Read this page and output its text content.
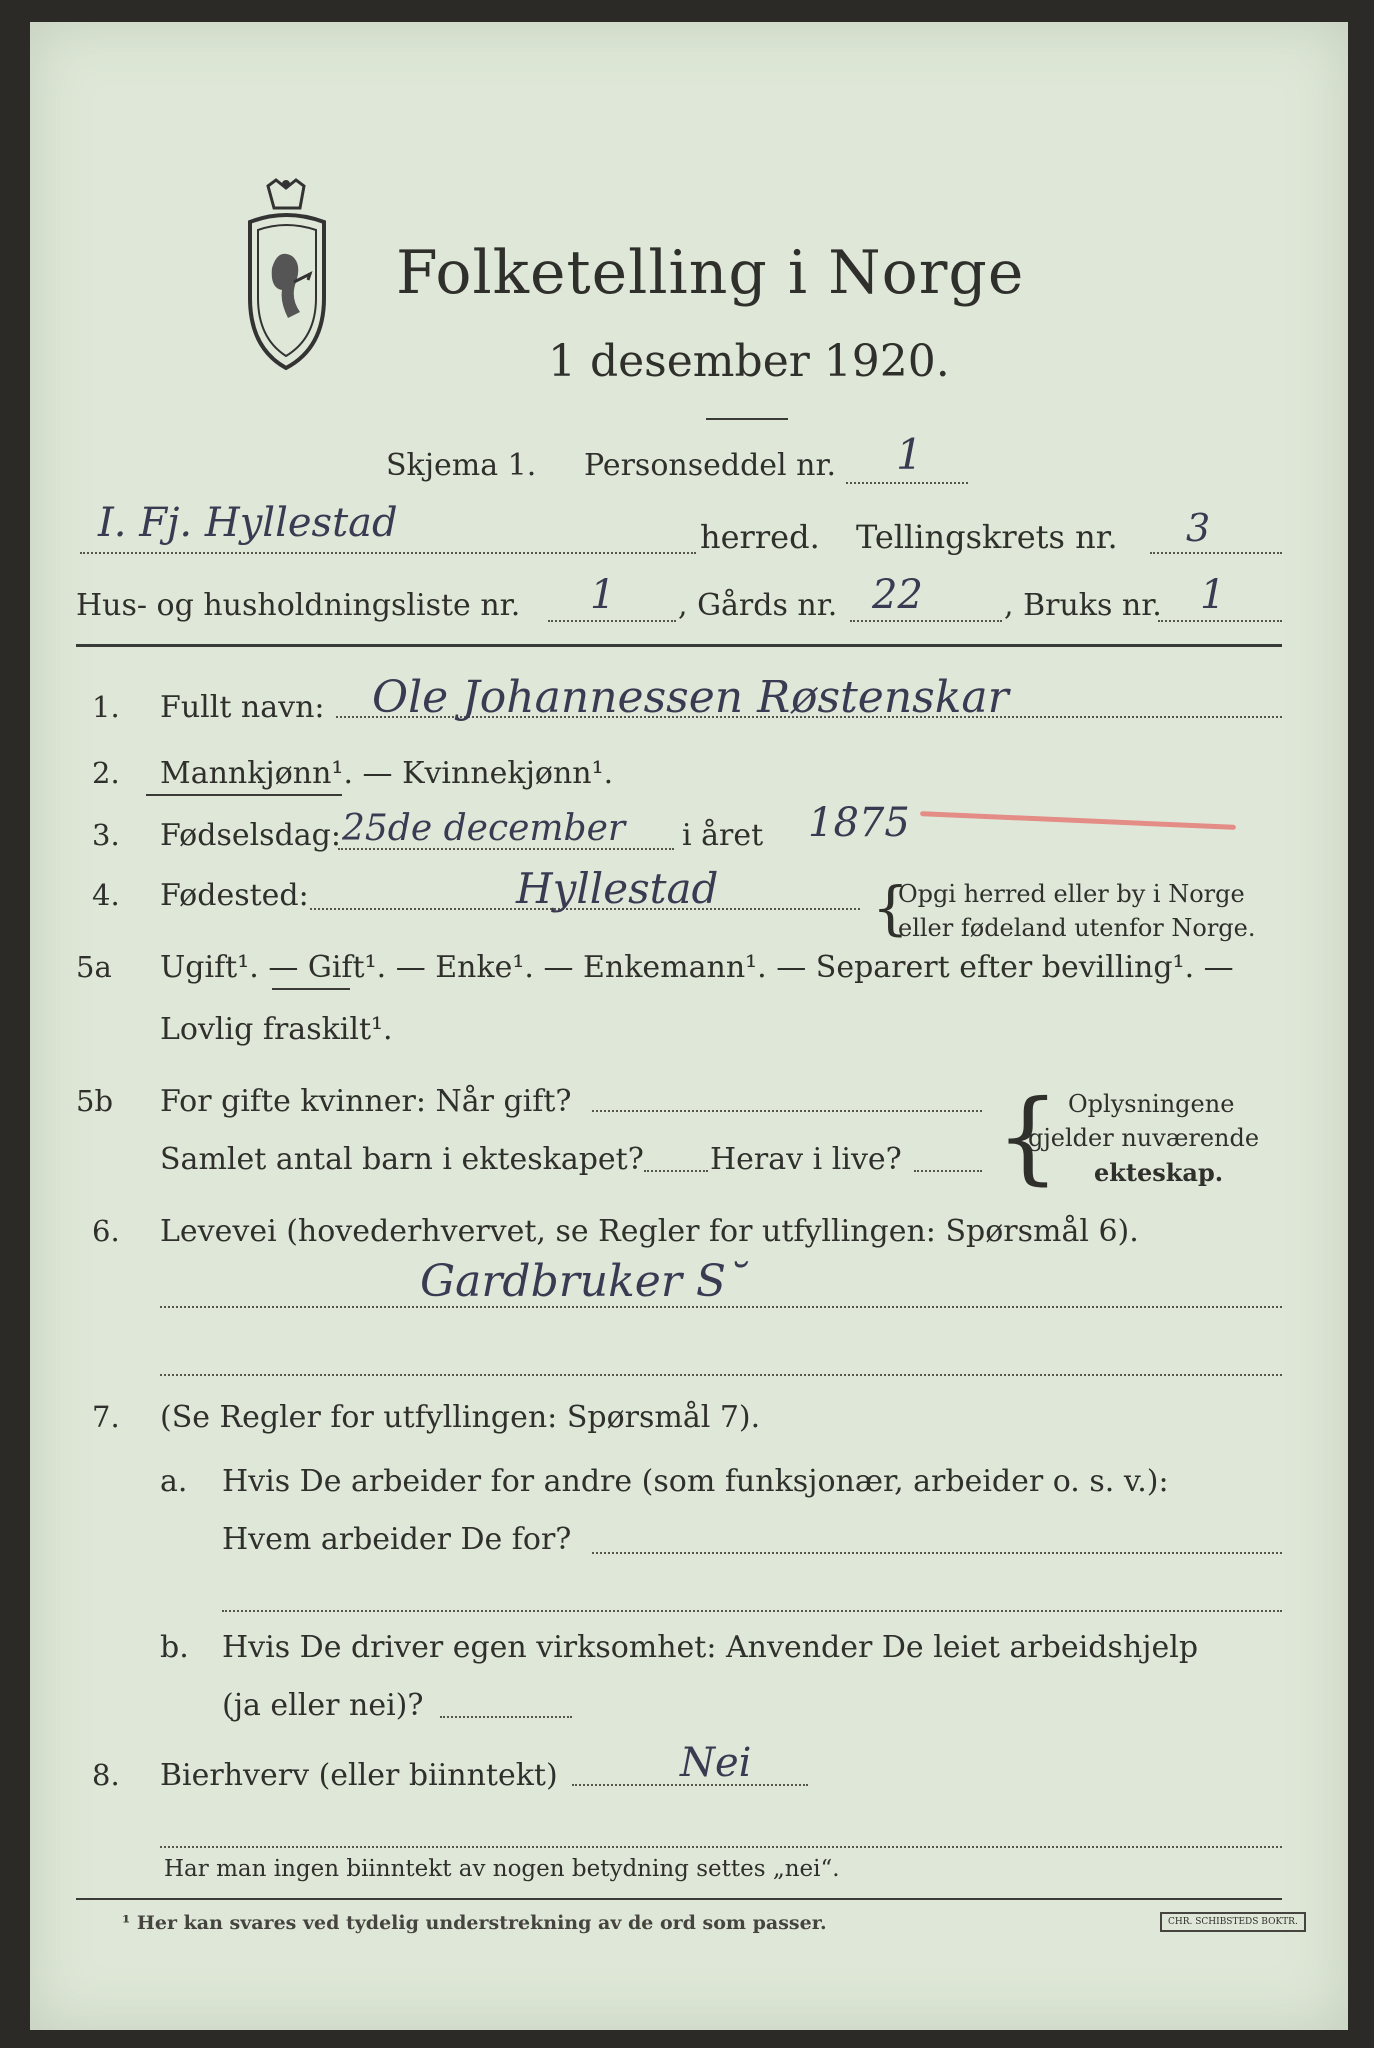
Folketelling i Norge
1 desember 1920.
Skjema 1. Personseddel nr. 1
I. Fj. Hyllestad	herred. Tellingskrets nr. 3
Hus- og husholdningsliste nr. 1 , Gårds nr. 22	, Bruks nr. 1
1. Fullt navn: Ole Johannessen Røstenskar
2. Mannkjønn¹. — Kvinnekjønn¹.
3. Fødselsdag: 25de december i året 1875
4. Fødested:	Hyllestad	{
Opgi herred eller by i Norge
eller fødeland utenfor Norge.
5a Ugift¹. — Gift¹. — Enke¹. — Enkemann¹. — Separert efter bevilling¹. —
Lovlig fraskilt¹.
5b For gifte kvinner: Når gift?
Samlet antal barn i ekteskapet? Herav i live? { Oplysningene
gjelder nuværende
ekteskap.
6. Levevei (hovederhvervet, se Regler for utfyllingen: Spørsmål 6).
Gardbruker S˘
7. (Se Regler for utfyllingen: Spørsmål 7).
a. Hvis De arbeider for andre (som funksjonær, arbeider o. s. v.):
Hvem arbeider De for?
b. Hvis De driver egen virksomhet: Anvender De leiet arbeidshjelp
(ja eller nei)?
8. Bierhverv (eller biinntekt)	Nei
Har man ingen biinntekt av nogen betydning settes „nei“.
¹ Her kan svares ved tydelig understrekning av de ord som passer.	CHR. SCHIBSTEDS BOKTR.
